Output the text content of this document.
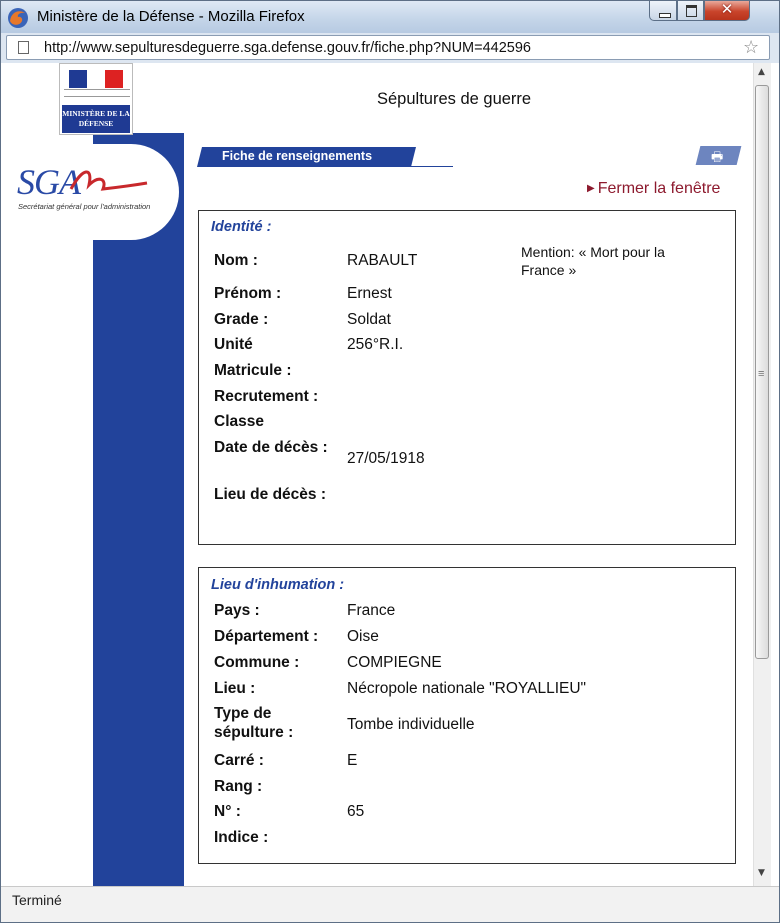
Ministère de la Défense - Mozilla Firefox	✕
http://www.sepulturesdeguerre.sga.defense.gouv.fr/fiche.php?NUM=442596	☆
MINISTÈRE DE LA DÉFENSE
SGA
Secrétariat général pour l'administration
Sépultures de guerre
Fiche de renseignements	🖶
▶ Fermer la fenêtre
Identité :
Mention: « Mort pour la France »
Nom :	RABAULT
Prénom :	Ernest
Grade :	Soldat
Unité	256°R.I.
Matricule :
Recrutement :
Classe
Date de décès :
27/05/1918
Lieu de décès :
Lieu d'inhumation :
Pays :	France
Département :	Oise
Commune :	COMPIEGNE
Lieu :	Nécropole nationale "ROYALLIEU"
Type de sépulture :	Tombe individuelle
Carré :	E
Rang :
N° :	65
Indice :
▲
≡
▼
Terminé
